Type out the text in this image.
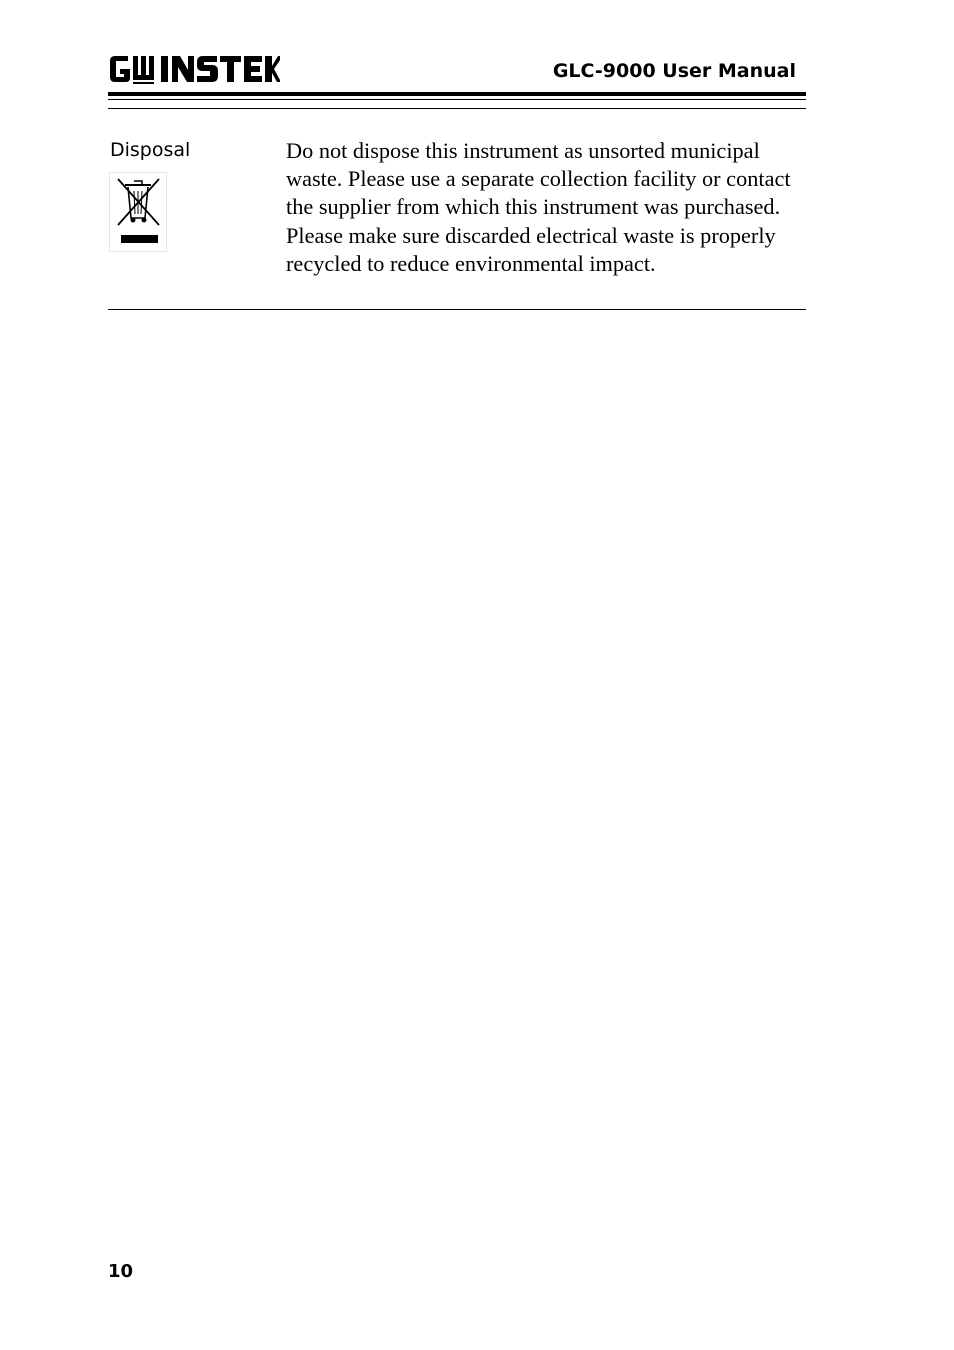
GW INSTEK
GLC-9000 User Manual
Disposal	Do not dispose this instrument as unsorted municipal waste. Please use a separate collection facility or contact the supplier from which this instrument was purchased. Please make sure discarded electrical waste is properly recycled to reduce environmental impact.
10
